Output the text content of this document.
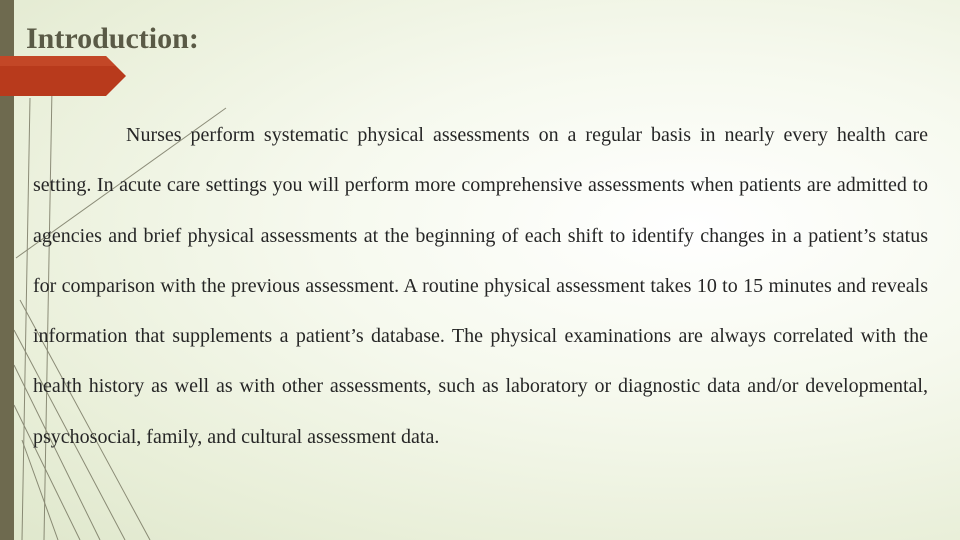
Introduction:

Nurses perform systematic physical assessments on a regular basis in nearly every health care setting. In acute care settings you will perform more comprehensive assessments when patients are admitted to agencies and brief physical assessments at the beginning of each shift to identify changes in a patient’s status for comparison with the previous assessment. A routine physical assessment takes 10 to 15 minutes and reveals information that supplements a patient’s database. The physical examinations are always correlated with the health history as well as with other assessments, such as laboratory or diagnostic data and/or developmental, psychosocial, family, and cultural assessment data.
